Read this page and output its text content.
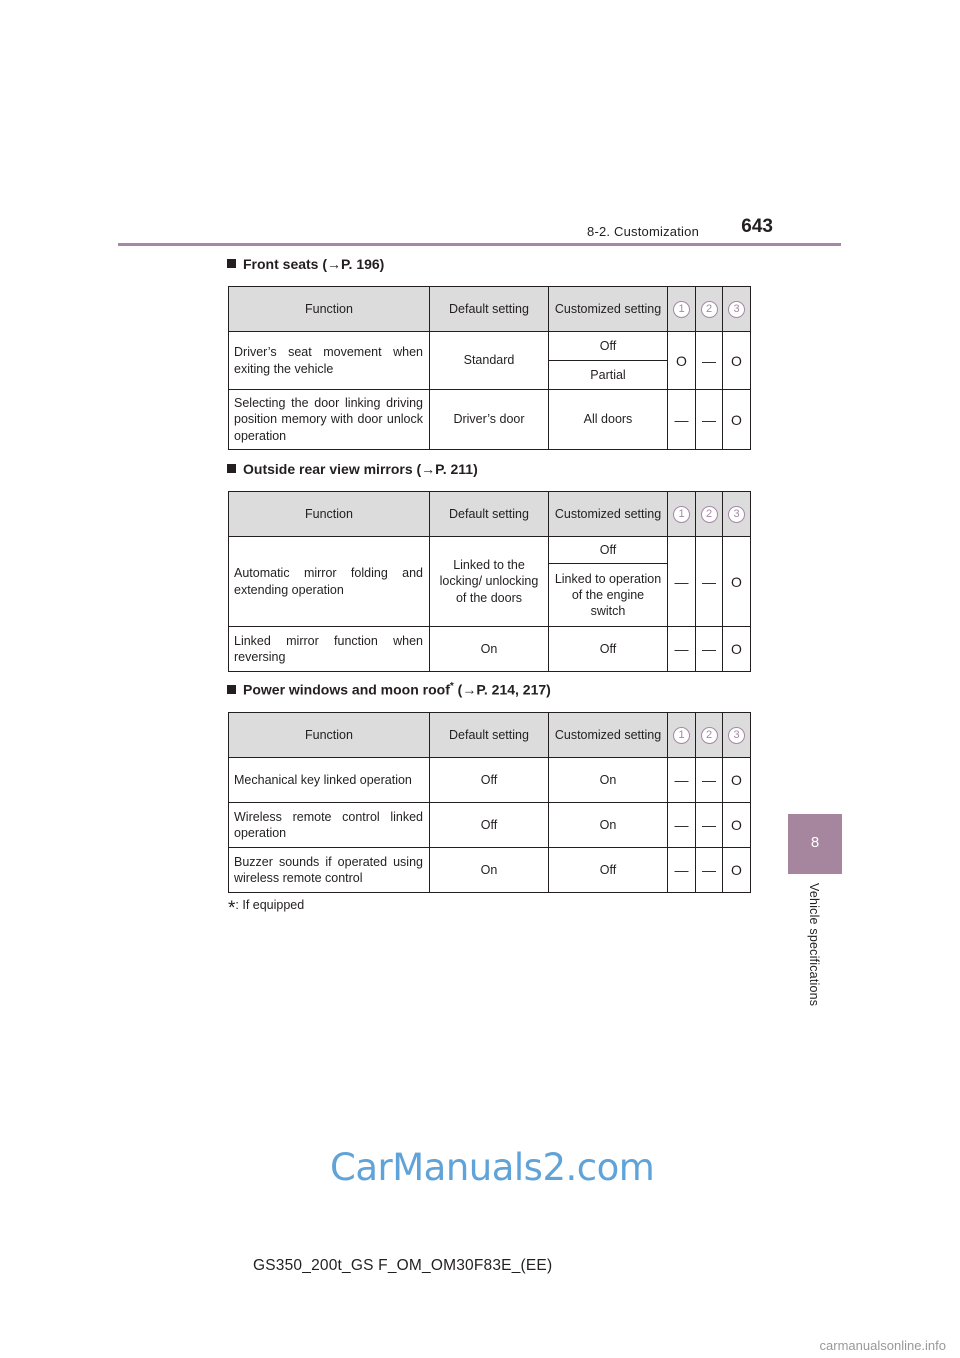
8-2. Customization 643
8
Vehicle specifications
Front seats (→P. 196)
Function	Default setting	Customized setting	1	2	3
Driver’s seat movement when exiting the vehicle	Standard	Off	O	—	O
		Partial			
Selecting the door linking driving position memory with door unlock operation	Driver’s door	All doors	—	—	O
Outside rear view mirrors (→P. 211)
Function	Default setting	Customized setting	1	2	3
Automatic mirror folding and extending operation	Linked to the locking/ unlocking of the doors	Off	—	—	O
		Linked to operation of the engine switch			
Linked mirror function when reversing	On	Off	—	—	O
Power windows and moon roof* (→P. 214, 217)
Function	Default setting	Customized setting	1	2	3
Mechanical key linked operation	Off	On	—	—	O
Wireless remote control linked operation	Off	On	—	—	O
Buzzer sounds if operated using wireless remote control	On	Off	—	—	O
*: If equipped
CarManuals2.com
GS350_200t_GS F_OM_OM30F83E_(EE)
carmanualsonline.info
